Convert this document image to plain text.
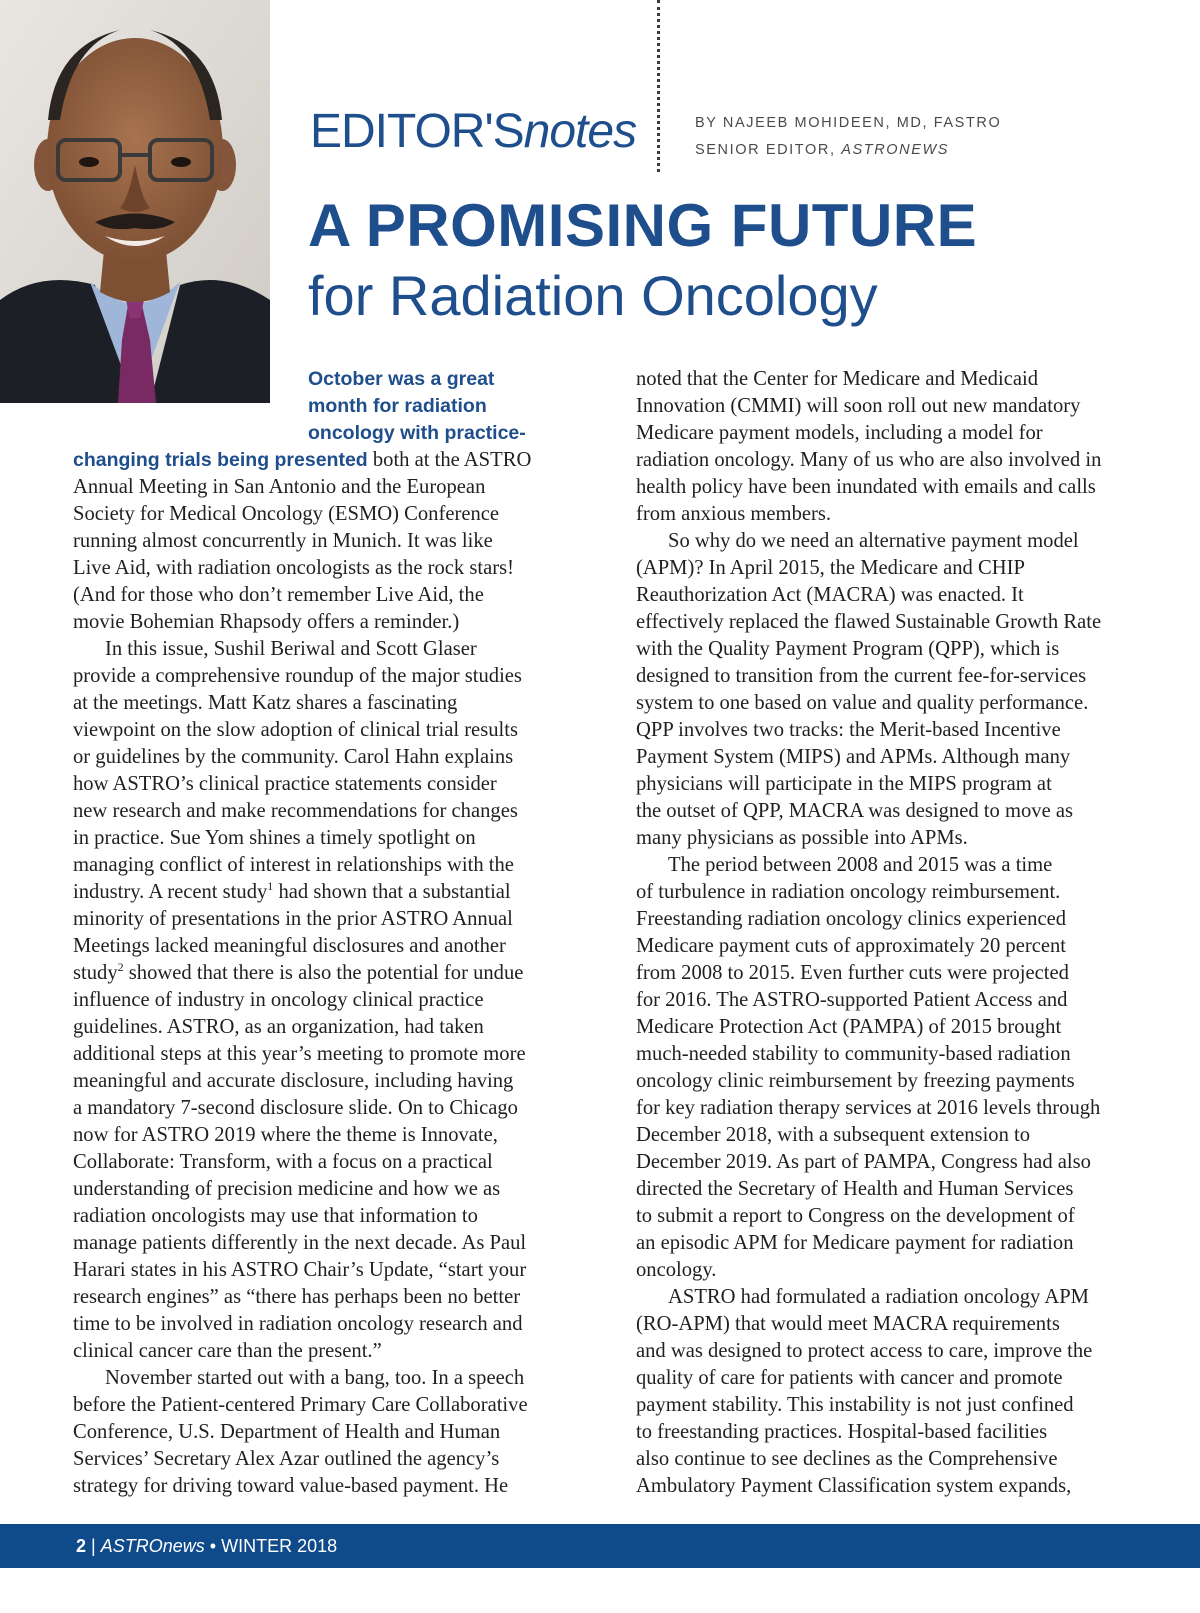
EDITOR'Snotes	BY NAJEEB MOHIDEEN, MD, FASTRO
SENIOR EDITOR, ASTRONEWS
A PROMISING FUTURE
for Radiation Oncology
October was a great
month for radiation
oncology with practice-
changing trials being presented both at the ASTRO
Annual Meeting in San Antonio and the European
Society for Medical Oncology (ESMO) Conference
running almost concurrently in Munich. It was like
Live Aid, with radiation oncologists as the rock stars!
(And for those who don’t remember Live Aid, the
movie Bohemian Rhapsody offers a reminder.)
In this issue, Sushil Beriwal and Scott Glaser
provide a comprehensive roundup of the major studies
at the meetings. Matt Katz shares a fascinating
viewpoint on the slow adoption of clinical trial results
or guidelines by the community. Carol Hahn explains
how ASTRO’s clinical practice statements consider
new research and make recommendations for changes
in practice. Sue Yom shines a timely spotlight on
managing conflict of interest in relationships with the
industry. A recent study$^1$ had shown that a substantial
minority of presentations in the prior ASTRO Annual
Meetings lacked meaningful disclosures and another
study$^2$ showed that there is also the potential for undue
influence of industry in oncology clinical practice
guidelines. ASTRO, as an organization, had taken
additional steps at this year’s meeting to promote more
meaningful and accurate disclosure, including having
a mandatory 7-second disclosure slide. On to Chicago
now for ASTRO 2019 where the theme is Innovate,
Collaborate: Transform, with a focus on a practical
understanding of precision medicine and how we as
radiation oncologists may use that information to
manage patients differently in the next decade. As Paul
Harari states in his ASTRO Chair’s Update, “start your
research engines” as “there has perhaps been no better
time to be involved in radiation oncology research and
clinical cancer care than the present.”
November started out with a bang, too. In a speech
before the Patient-centered Primary Care Collaborative
Conference, U.S. Department of Health and Human
Services’ Secretary Alex Azar outlined the agency’s
strategy for driving toward value-based payment. He
noted that the Center for Medicare and Medicaid
Innovation (CMMI) will soon roll out new mandatory
Medicare payment models, including a model for
radiation oncology. Many of us who are also involved in
health policy have been inundated with emails and calls
from anxious members.
So why do we need an alternative payment model
(APM)? In April 2015, the Medicare and CHIP
Reauthorization Act (MACRA) was enacted. It
effectively replaced the flawed Sustainable Growth Rate
with the Quality Payment Program (QPP), which is
designed to transition from the current fee-for-services
system to one based on value and quality performance.
QPP involves two tracks: the Merit-based Incentive
Payment System (MIPS) and APMs. Although many
physicians will participate in the MIPS program at
the outset of QPP, MACRA was designed to move as
many physicians as possible into APMs.
The period between 2008 and 2015 was a time
of turbulence in radiation oncology reimbursement.
Freestanding radiation oncology clinics experienced
Medicare payment cuts of approximately 20 percent
from 2008 to 2015. Even further cuts were projected
for 2016. The ASTRO-supported Patient Access and
Medicare Protection Act (PAMPA) of 2015 brought
much-needed stability to community-based radiation
oncology clinic reimbursement by freezing payments
for key radiation therapy services at 2016 levels through
December 2018, with a subsequent extension to
December 2019. As part of PAMPA, Congress had also
directed the Secretary of Health and Human Services
to submit a report to Congress on the development of
an episodic APM for Medicare payment for radiation
oncology.
ASTRO had formulated a radiation oncology APM
(RO-APM) that would meet MACRA requirements
and was designed to protect access to care, improve the
quality of care for patients with cancer and promote
payment stability. This instability is not just confined
to freestanding practices. Hospital-based facilities
also continue to see declines as the Comprehensive
Ambulatory Payment Classification system expands,
2 | ASTROnews • WINTER 2018
